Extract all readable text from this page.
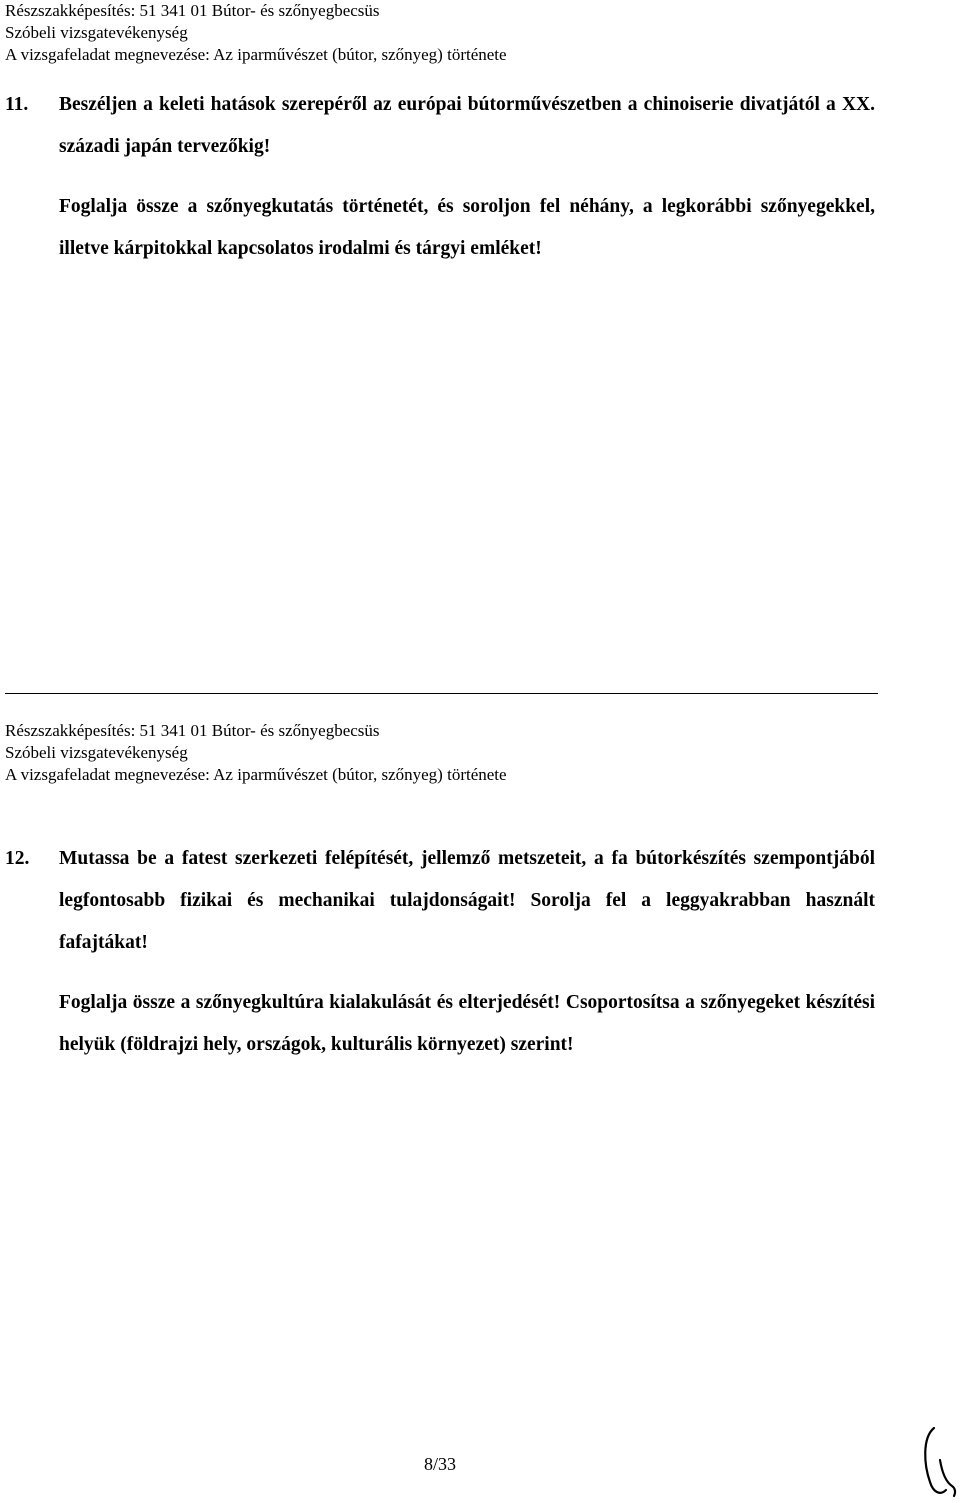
Részszakképesítés: 51 341 01 Bútor- és szőnyegbecsüs
Szóbeli vizsgatevékenység
A vizsgafeladat megnevezése: Az iparművészet (bútor, szőnyeg) története
11. Beszéljen a keleti hatások szerepéről az európai bútorművészetben a chinoiserie divatjától a XX. századi japán tervezőkig!
Foglalja össze a szőnyegkutatás történetét, és soroljon fel néhány, a legkorábbi szőnyegekkel, illetve kárpitokkal kapcsolatos irodalmi és tárgyi emléket!
Részszakképesítés: 51 341 01 Bútor- és szőnyegbecsüs
Szóbeli vizsgatevékenység
A vizsgafeladat megnevezése: Az iparművészet (bútor, szőnyeg) története
12. Mutassa be a fatest szerkezeti felépítését, jellemző metszeteit, a fa bútorkészítés szempontjából legfontosabb fizikai és mechanikai tulajdonságait! Sorolja fel a leggyakrabban használt fafajtákat!
Foglalja össze a szőnyegkultúra kialakulását és elterjedését! Csoportosítsa a szőnyegeket készítési helyük (földrajzi hely, országok, kulturális környezet) szerint!
8/33
